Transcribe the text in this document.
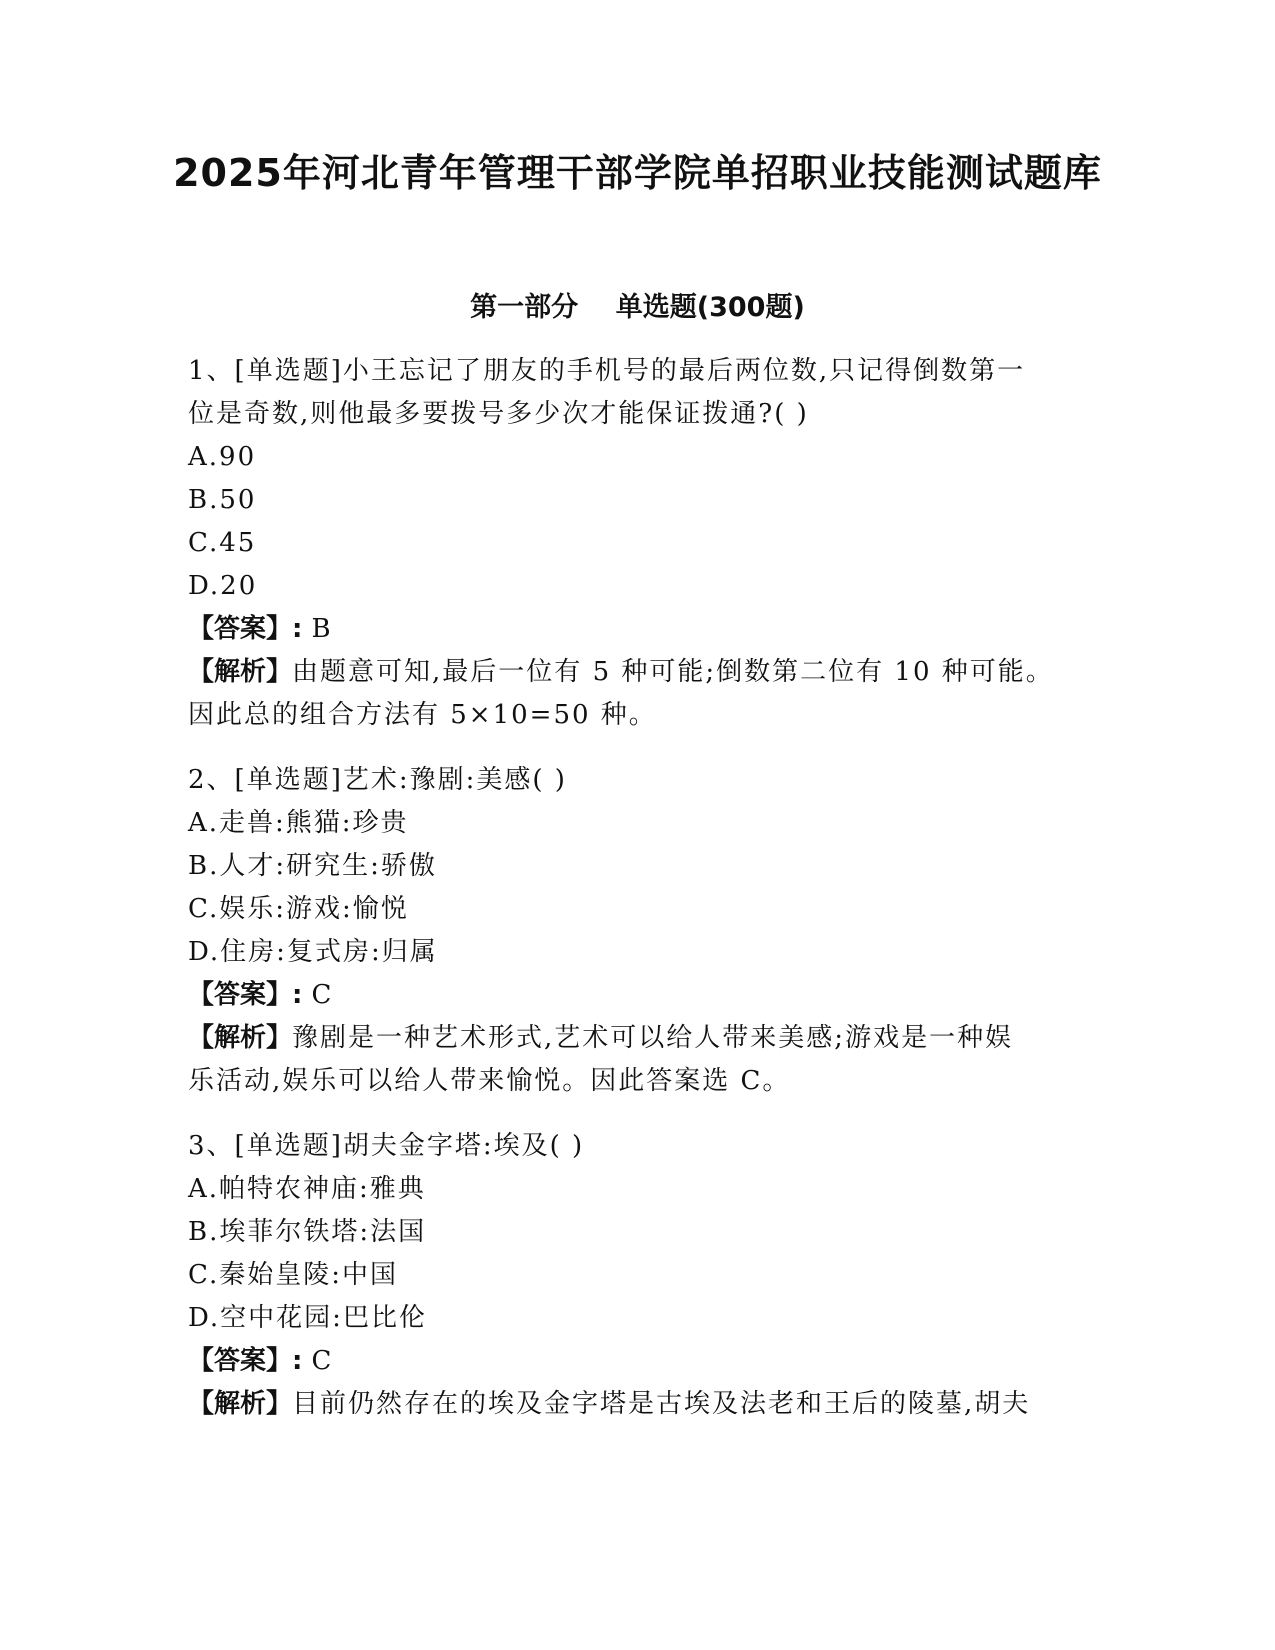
2025年河北青年管理干部学院单招职业技能测试题库
第一部分    单选题(300题)
1、[单选题]小王忘记了朋友的手机号的最后两位数,只记得倒数第一
位是奇数,则他最多要拨号多少次才能保证拨通?( )
A.90
B.50
C.45
D.20
【答案】: B
【解析】由题意可知,最后一位有 5 种可能;倒数第二位有 10 种可能。
因此总的组合方法有 5×10=50 种。
2、[单选题]艺术:豫剧:美感( )
A.走兽:熊猫:珍贵
B.人才:研究生:骄傲
C.娱乐:游戏:愉悦
D.住房:复式房:归属
【答案】: C
【解析】豫剧是一种艺术形式,艺术可以给人带来美感;游戏是一种娱
乐活动,娱乐可以给人带来愉悦。因此答案选 C。
3、[单选题]胡夫金字塔:埃及( )
A.帕特农神庙:雅典
B.埃菲尔铁塔:法国
C.秦始皇陵:中国
D.空中花园:巴比伦
【答案】: C
【解析】目前仍然存在的埃及金字塔是古埃及法老和王后的陵墓,胡夫
